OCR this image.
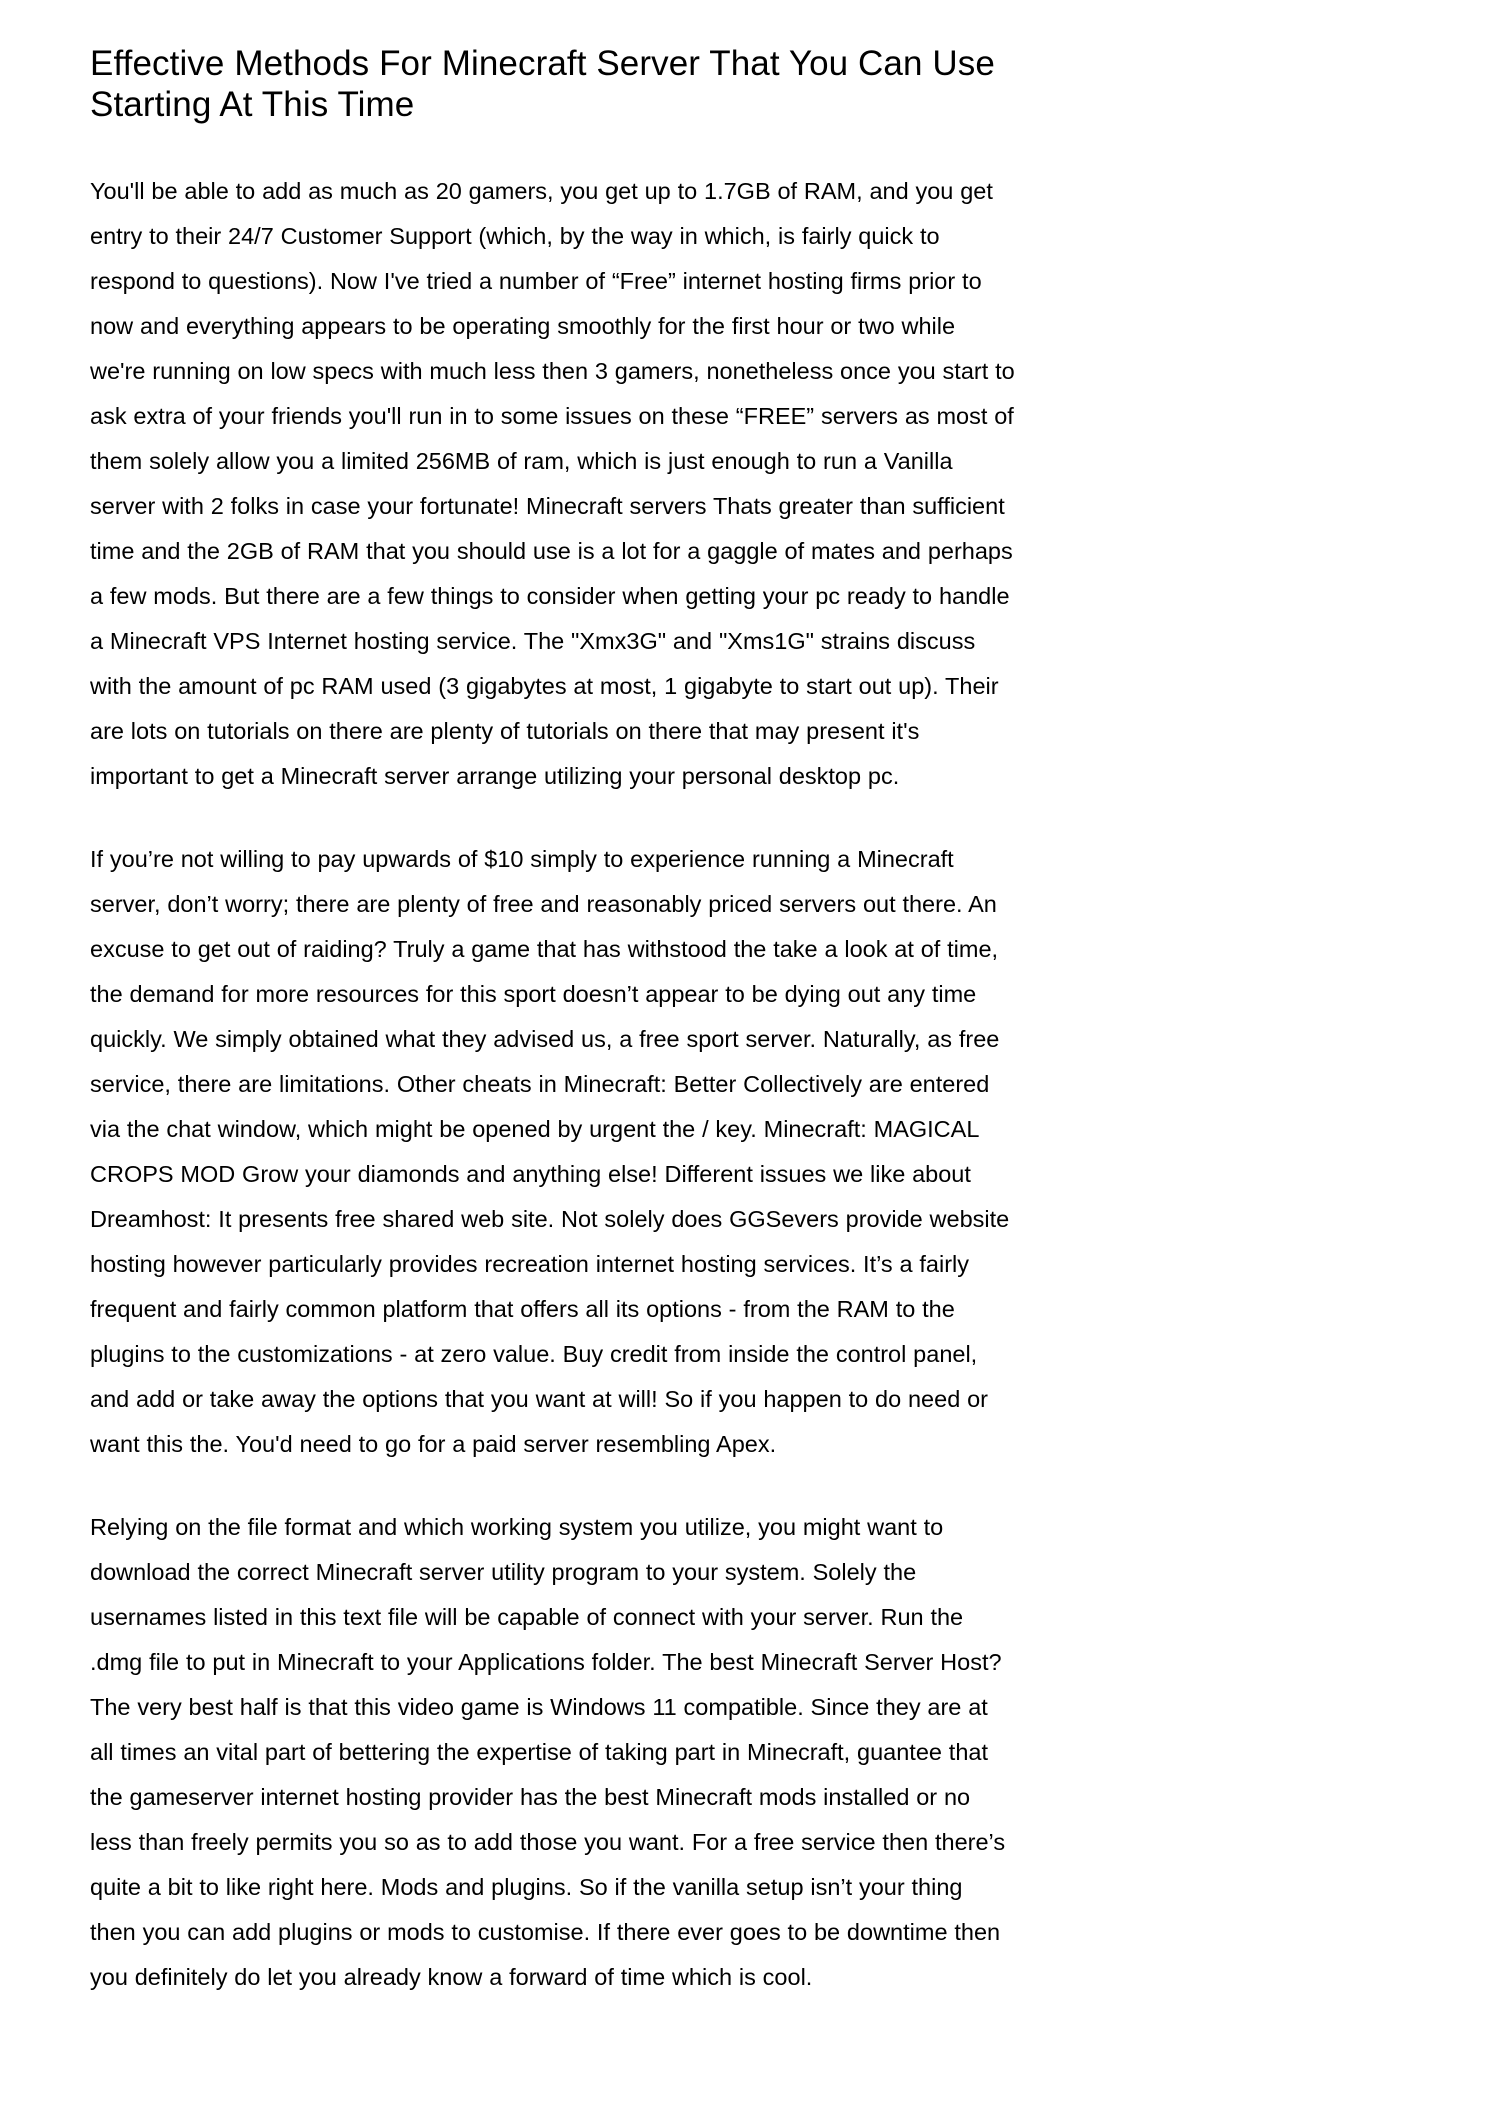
Effective Methods For Minecraft Server That You Can Use Starting At This Time

You'll be able to add as much as 20 gamers, you get up to 1.7GB of RAM, and you get entry to their 24/7 Customer Support (which, by the way in which, is fairly quick to respond to questions). Now I've tried a number of “Free” internet hosting firms prior to now and everything appears to be operating smoothly for the first hour or two while we're running on low specs with much less then 3 gamers, nonetheless once you start to ask extra of your friends you'll run in to some issues on these “FREE” servers as most of them solely allow you a limited 256MB of ram, which is just enough to run a Vanilla server with 2 folks in case your fortunate! Minecraft servers Thats greater than sufficient time and the 2GB of RAM that you should use is a lot for a gaggle of mates and perhaps a few mods. But there are a few things to consider when getting your pc ready to handle a Minecraft VPS Internet hosting service. The "Xmx3G" and "Xms1G" strains discuss with the amount of pc RAM used (3 gigabytes at most, 1 gigabyte to start out up). Their are lots on tutorials on there are plenty of tutorials on there that may present it's important to get a Minecraft server arrange utilizing your personal desktop pc.

If you’re not willing to pay upwards of $10 simply to experience running a Minecraft server, don’t worry; there are plenty of free and reasonably priced servers out there. An excuse to get out of raiding? Truly a game that has withstood the take a look at of time, the demand for more resources for this sport doesn’t appear to be dying out any time quickly. We simply obtained what they advised us, a free sport server. Naturally, as free service, there are limitations. Other cheats in Minecraft: Better Collectively are entered via the chat window, which might be opened by urgent the / key. Minecraft: MAGICAL CROPS MOD Grow your diamonds and anything else! Different issues we like about Dreamhost: It presents free shared web site. Not solely does GGSevers provide website hosting however particularly provides recreation internet hosting services. It’s a fairly frequent and fairly common platform that offers all its options - from the RAM to the plugins to the customizations - at zero value. Buy credit from inside the control panel, and add or take away the options that you want at will! So if you happen to do need or want this the. You'd need to go for a paid server resembling Apex.

Relying on the file format and which working system you utilize, you might want to download the correct Minecraft server utility program to your system. Solely the usernames listed in this text file will be capable of connect with your server. Run the .dmg file to put in Minecraft to your Applications folder. The best Minecraft Server Host? The very best half is that this video game is Windows 11 compatible. Since they are at all times an vital part of bettering the expertise of taking part in Minecraft, guantee that the gameserver internet hosting provider has the best Minecraft mods installed or no less than freely permits you so as to add those you want. For a free service then there’s quite a bit to like right here. Mods and plugins. So if the vanilla setup isn’t your thing then you can add plugins or mods to customise. If there ever goes to be downtime then you definitely do let you already know a forward of time which is cool.
